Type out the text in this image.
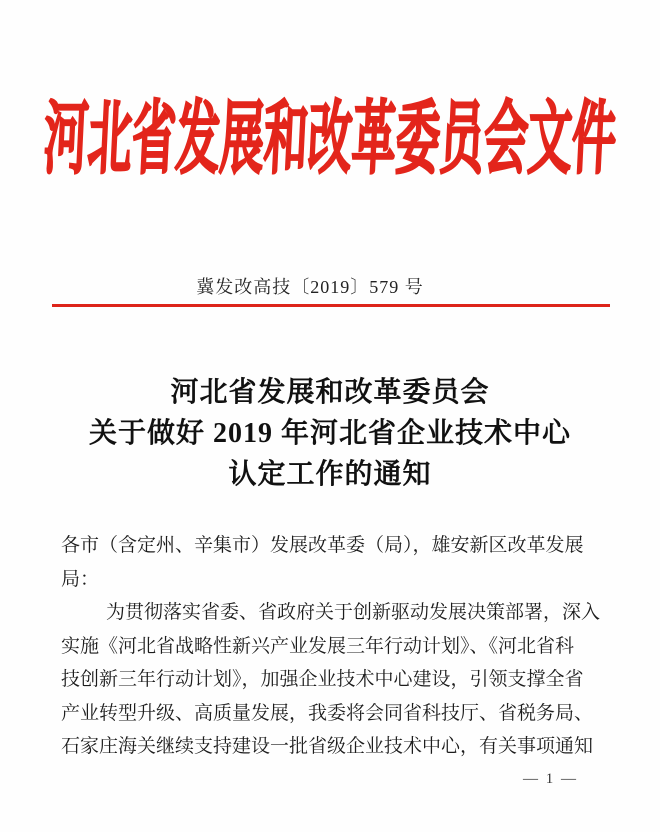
河北省发展和改革委员会文件
冀发改高技〔2019〕579 号
河北省发展和改革委员会
关于做好 2019 年河北省企业技术中心
认定工作的通知
各市（含定州、辛集市）发展改革委（局），雄安新区改革发展
局：
为贯彻落实省委、省政府关于创新驱动发展决策部署，深入
实施《河北省战略性新兴产业发展三年行动计划》、《河北省科
技创新三年行动计划》，加强企业技术中心建设，引领支撑全省
产业转型升级、高质量发展，我委将会同省科技厅、省税务局、
石家庄海关继续支持建设一批省级企业技术中心，有关事项通知
— 1 —
